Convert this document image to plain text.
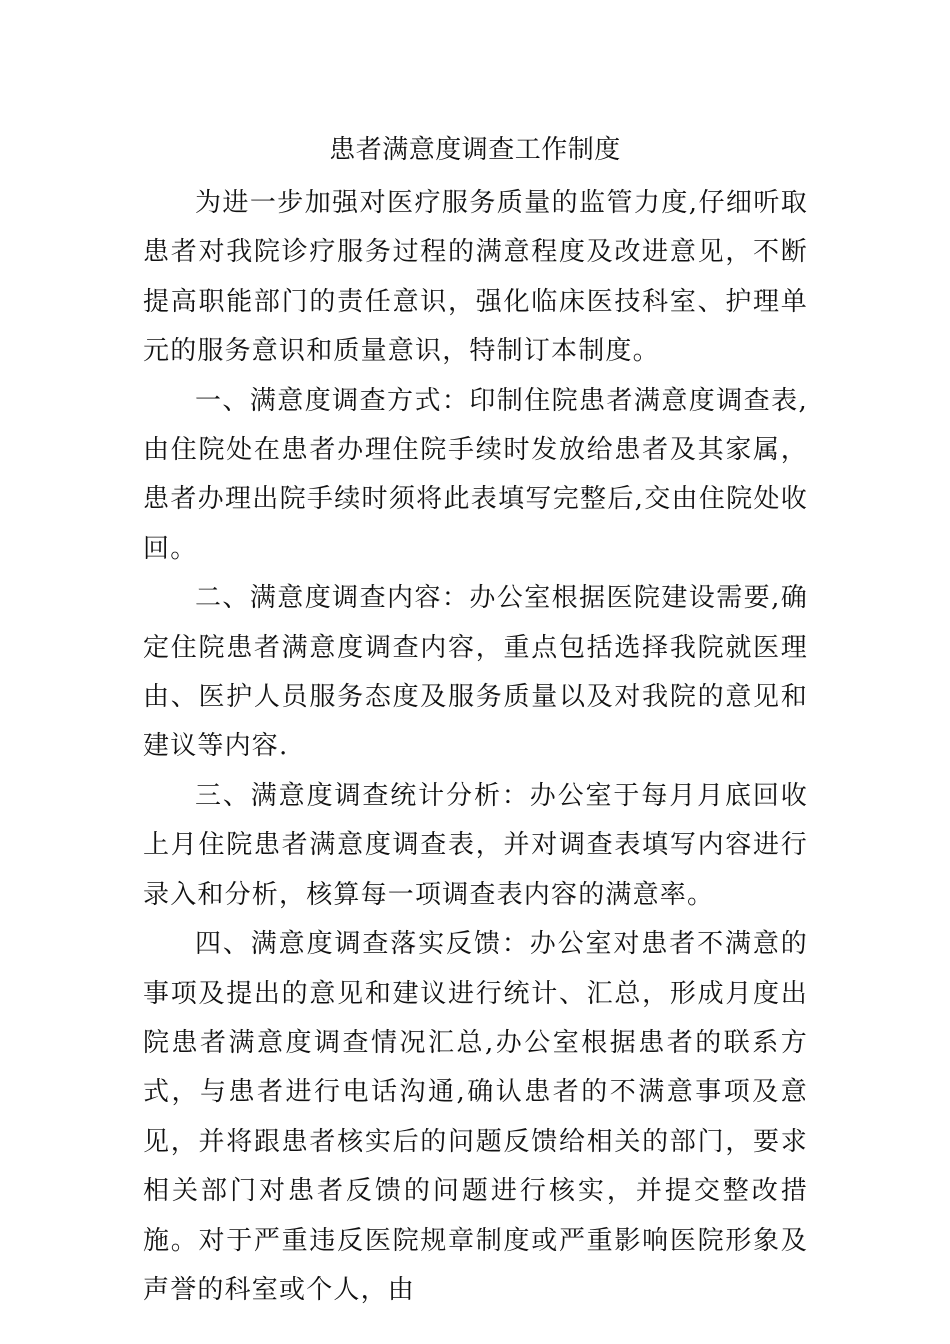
患者满意度调查工作制度

为进一步加强对医疗服务质量的监管力度,仔细听取患者对我院诊疗服务过程的满意程度及改进意见，不断提高职能部门的责任意识，强化临床医技科室、护理单元的服务意识和质量意识，特制订本制度。

一、满意度调查方式：印制住院患者满意度调查表,由住院处在患者办理住院手续时发放给患者及其家属，患者办理出院手续时须将此表填写完整后,交由住院处收回。

二、满意度调查内容：办公室根据医院建设需要,确定住院患者满意度调查内容，重点包括选择我院就医理由、医护人员服务态度及服务质量以及对我院的意见和建议等内容.

三、满意度调查统计分析：办公室于每月月底回收上月住院患者满意度调查表，并对调查表填写内容进行录入和分析，核算每一项调查表内容的满意率。

四、满意度调查落实反馈：办公室对患者不满意的事项及提出的意见和建议进行统计、汇总，形成月度出院患者满意度调查情况汇总,办公室根据患者的联系方式，与患者进行电话沟通,确认患者的不满意事项及意见，并将跟患者核实后的问题反馈给相关的部门，要求相关部门对患者反馈的问题进行核实，并提交整改措施。对于严重违反医院规章制度或严重影响医院形象及声誉的科室或个人，由
